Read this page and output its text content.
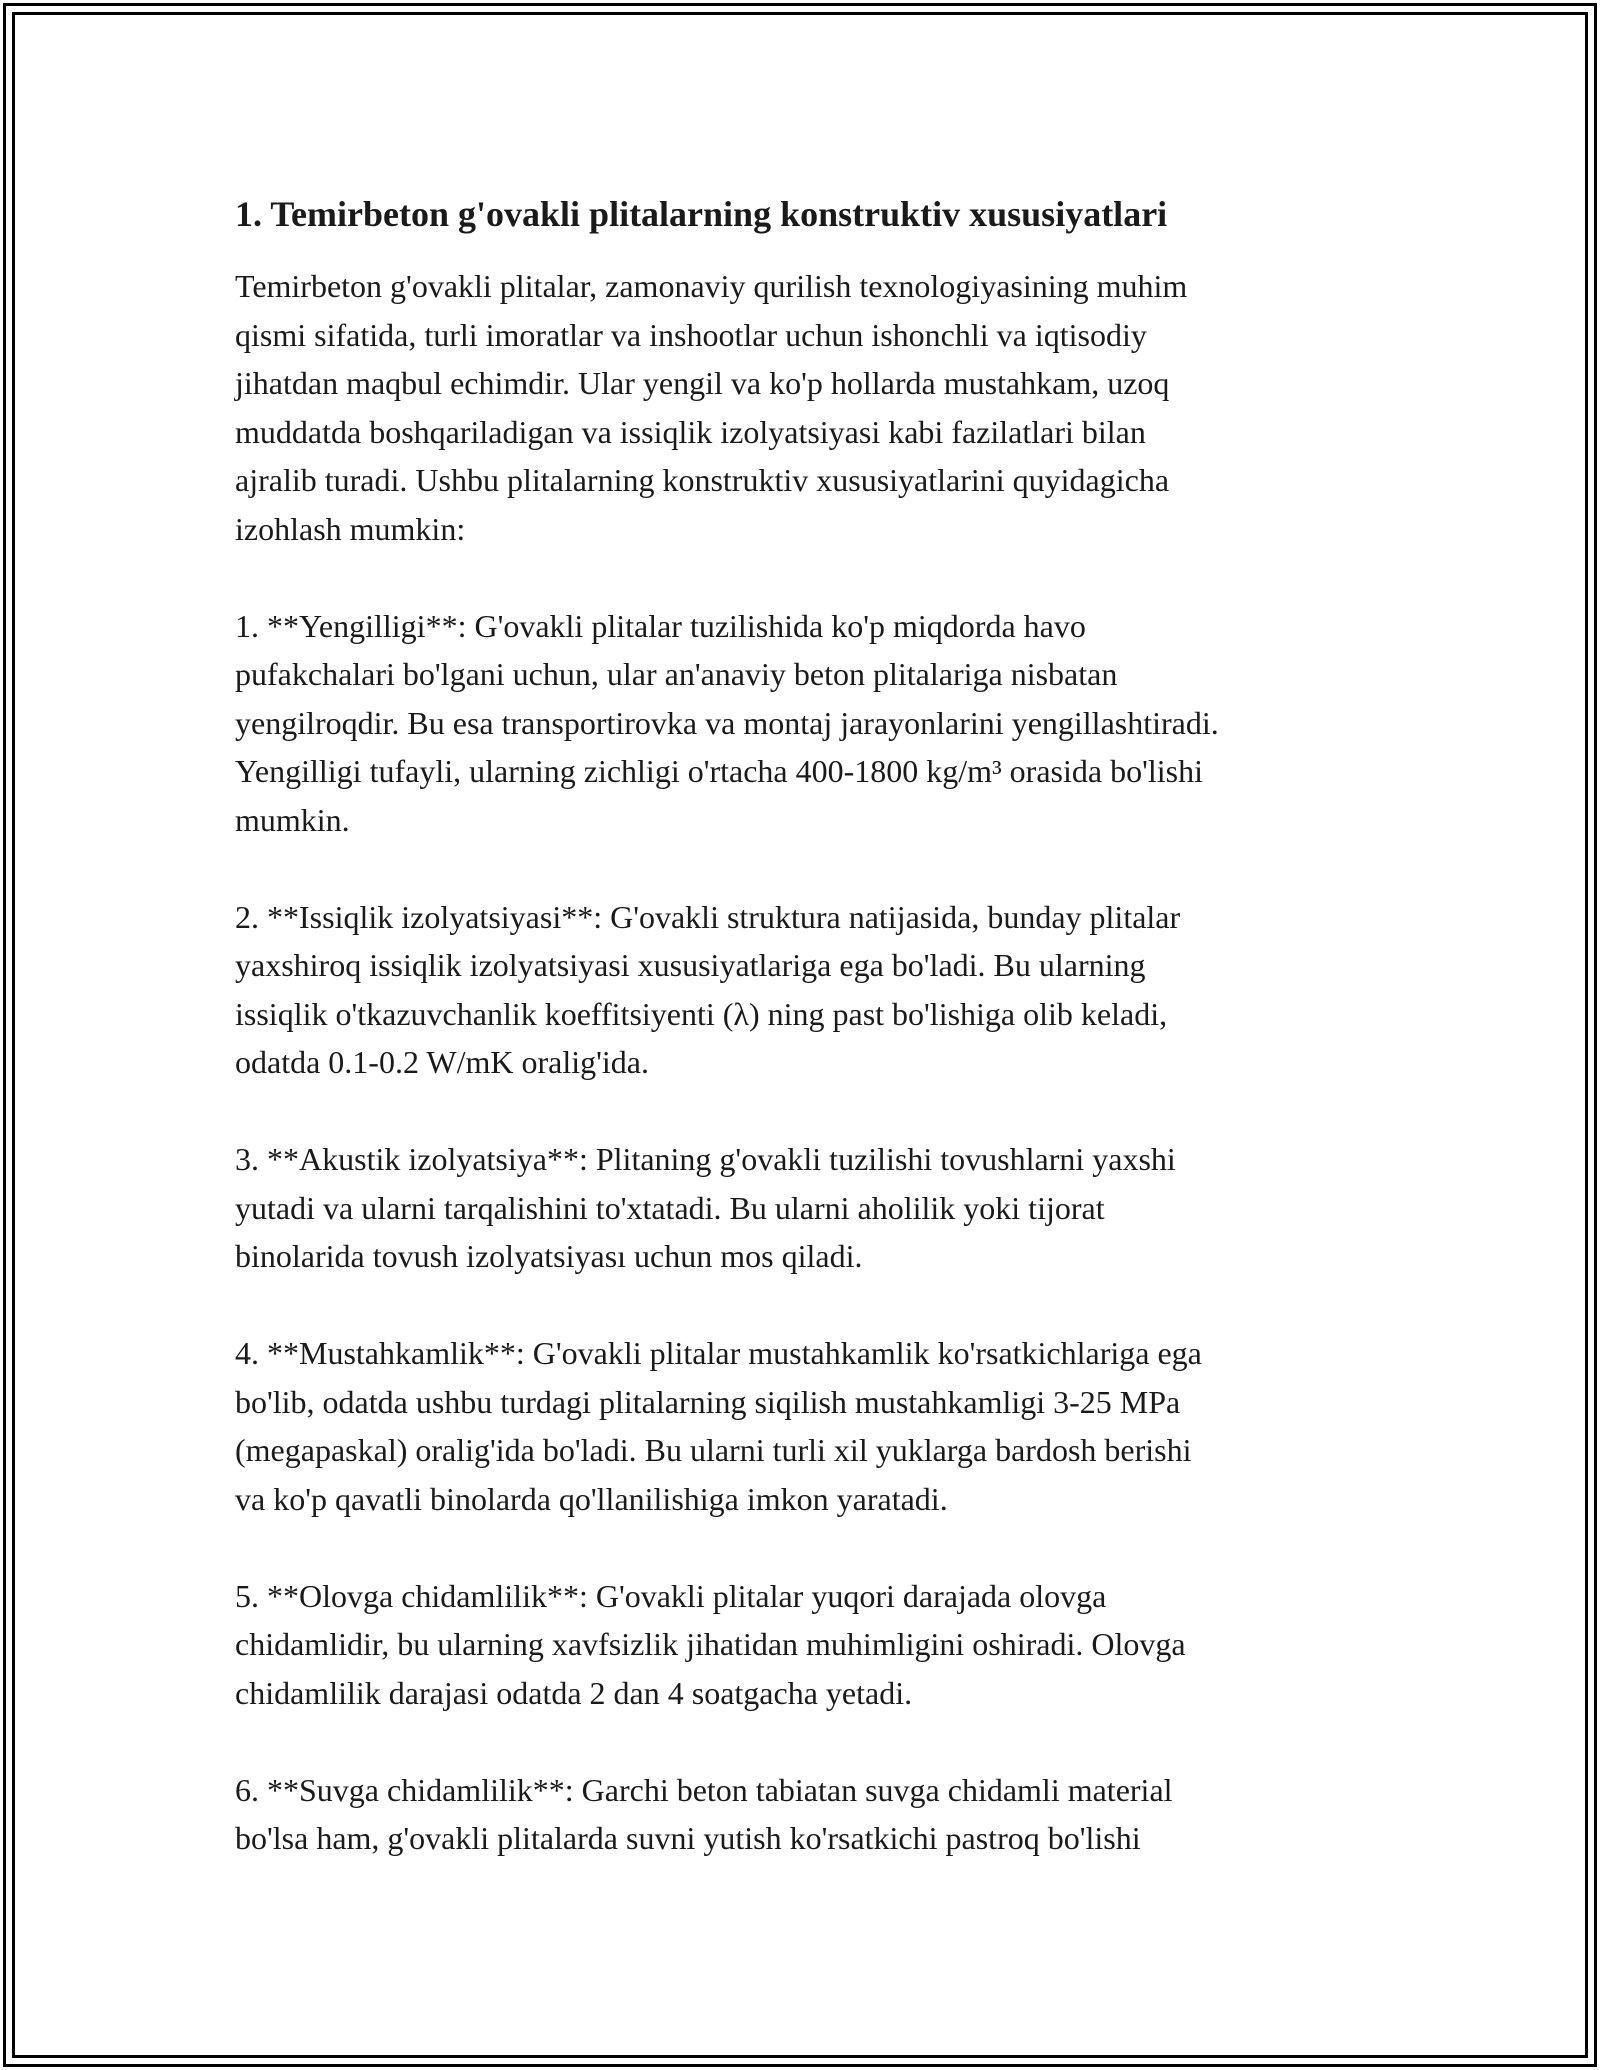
1. Temirbeton g'ovakli plitalarning konstruktiv xususiyatlari

Temirbeton g'ovakli plitalar, zamonaviy qurilish texnologiyasining muhim
qismi sifatida, turli imoratlar va inshootlar uchun ishonchli va iqtisodiy
jihatdan maqbul echimdir. Ular yengil va ko'p hollarda mustahkam, uzoq
muddatda boshqariladigan va issiqlik izolyatsiyasi kabi fazilatlari bilan
ajralib turadi. Ushbu plitalarning konstruktiv xususiyatlarini quyidagicha
izohlash mumkin:

1. **Yengilligi**: G'ovakli plitalar tuzilishida ko'p miqdorda havo
pufakchalari bo'lgani uchun, ular an'anaviy beton plitalariga nisbatan
yengilroqdir. Bu esa transportirovka va montaj jarayonlarini yengillashtiradi.
Yengilligi tufayli, ularning zichligi o'rtacha 400-1800 kg/m³ orasida bo'lishi
mumkin.

2. **Issiqlik izolyatsiyasi**: G'ovakli struktura natijasida, bunday plitalar
yaxshiroq issiqlik izolyatsiyasi xususiyatlariga ega bo'ladi. Bu ularning
issiqlik o'tkazuvchanlik koeffitsiyenti (λ) ning past bo'lishiga olib keladi,
odatda 0.1-0.2 W/mK oralig'ida.

3. **Akustik izolyatsiya**: Plitaning g'ovakli tuzilishi tovushlarni yaxshi
yutadi va ularni tarqalishini to'xtatadi. Bu ularni aholilik yoki tijorat
binolarida tovush izolyatsiyası uchun mos qiladi.

4. **Mustahkamlik**: G'ovakli plitalar mustahkamlik ko'rsatkichlariga ega
bo'lib, odatda ushbu turdagi plitalarning siqilish mustahkamligi 3-25 MPa
(megapaskal) oralig'ida bo'ladi. Bu ularni turli xil yuklarga bardosh berishi
va ko'p qavatli binolarda qo'llanilishiga imkon yaratadi.

5. **Olovga chidamlilik**: G'ovakli plitalar yuqori darajada olovga
chidamlidir, bu ularning xavfsizlik jihatidan muhimligini oshiradi. Olovga
chidamlilik darajasi odatda 2 dan 4 soatgacha yetadi.

6. **Suvga chidamlilik**: Garchi beton tabiatan suvga chidamli material
bo'lsa ham, g'ovakli plitalarda suvni yutish ko'rsatkichi pastroq bo'lishi
